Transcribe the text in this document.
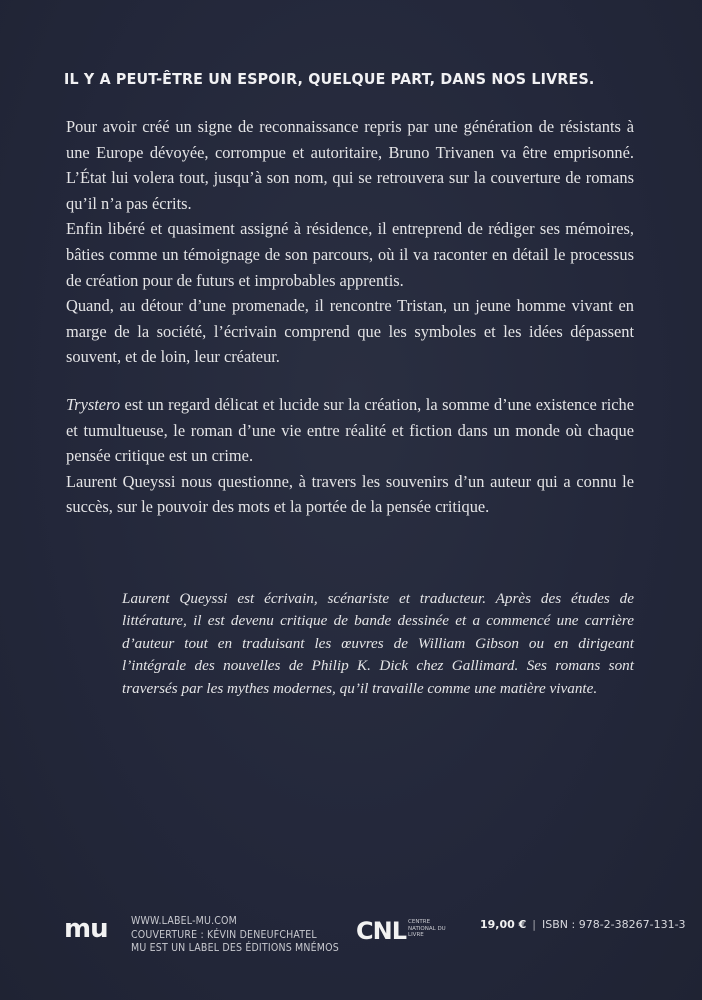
IL Y A PEUT-ÊTRE UN ESPOIR, QUELQUE PART, DANS NOS LIVRES.

Pour avoir créé un signe de reconnaissance repris par une génération de résistants à une Europe dévoyée, corrompue et autoritaire, Bruno Trivanen va être emprisonné. L’État lui volera tout, jusqu’à son nom, qui se retrouvera sur la couverture de romans qu’il n’a pas écrits.

Enfin libéré et quasiment assigné à résidence, il entreprend de rédiger ses mémoires, bâties comme un témoignage de son parcours, où il va raconter en détail le processus de création pour de futurs et improbables apprentis.

Quand, au détour d’une promenade, il rencontre Tristan, un jeune homme vivant en marge de la société, l’écrivain comprend que les symboles et les idées dépassent souvent, et de loin, leur créateur.

Trystero est un regard délicat et lucide sur la création, la somme d’une existence riche et tumultueuse, le roman d’une vie entre réalité et fiction dans un monde où chaque pensée critique est un crime.

Laurent Queyssi nous questionne, à travers les souvenirs d’un auteur qui a connu le succès, sur le pouvoir des mots et la portée de la pensée critique.

Laurent Queyssi est écrivain, scénariste et traducteur. Après des études de littérature, il est devenu critique de bande dessinée et a commencé une carrière d’auteur tout en traduisant les œuvres de William Gibson ou en dirigeant l’intégrale des nouvelles de Philip K. Dick chez Gallimard. Ses romans sont traversés par les mythes modernes, qu’il travaille comme une matière vivante.

mu WWW.LABEL-MU.COM
COUVERTURE : KÉVIN DENEUFCHATEL
MU EST UN LABEL DES ÉDITIONS MNÉMOS
CNL CENTRE NATIONAL DU LIVRE
19,00 € | ISBN : 978-2-38267-131-3
